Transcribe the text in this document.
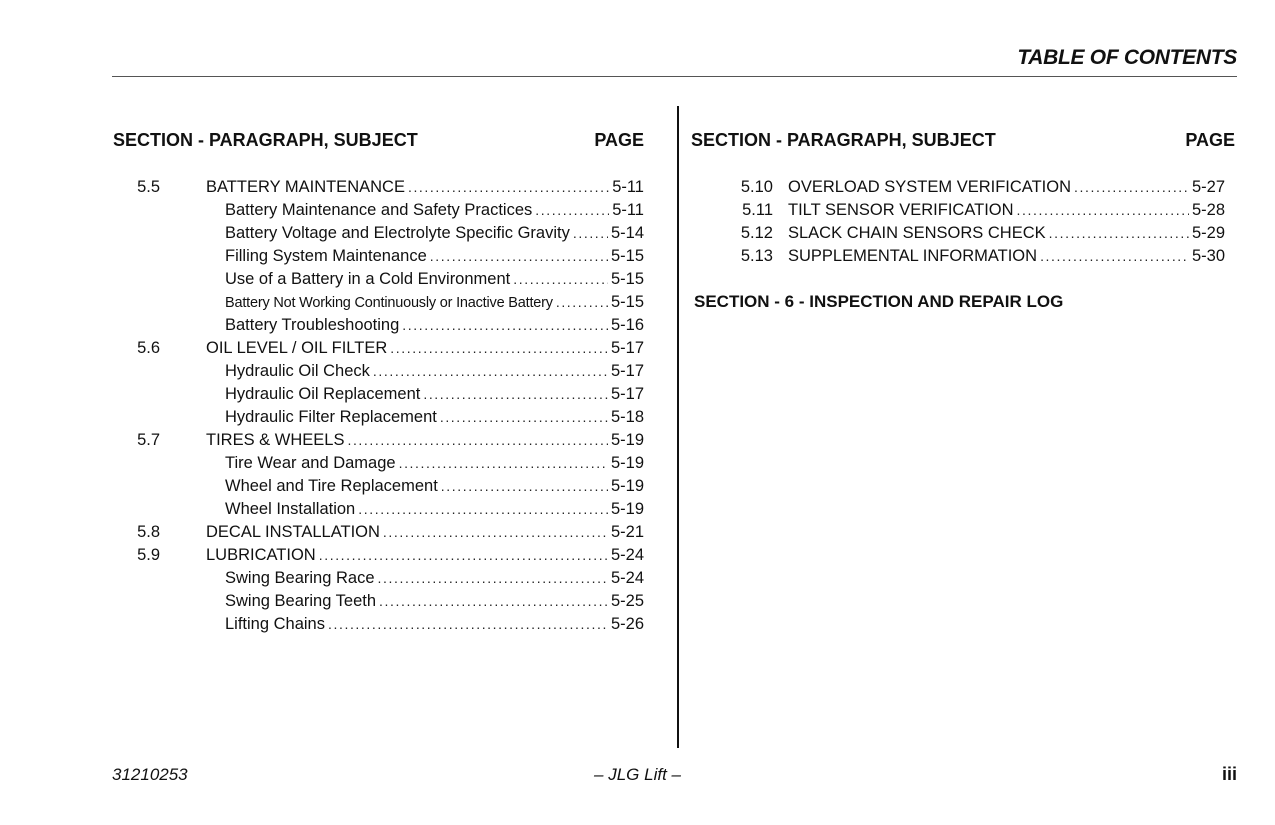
TABLE OF CONTENTS
SECTION - PARAGRAPH, SUBJECT	PAGE	SECTION - PARAGRAPH, SUBJECT	PAGE
5.5	BATTERY MAINTENANCE .....	5-11
Battery Maintenance and Safety Practices .....	5-11
Battery Voltage and Electrolyte Specific Gravity ..... 5-14
Filling System Maintenance .....	5-15
Use of a Battery in a Cold Environment .....	5-15
Battery Not Working Continuously or Inactive Battery .....	5-15
Battery Troubleshooting .....	5-16
5.6	OIL LEVEL / OIL FILTER .....	5-17
Hydraulic Oil Check .....	5-17
Hydraulic Oil Replacement .....	5-17
Hydraulic Filter Replacement .....	5-18
5.7	TIRES & WHEELS .....	5-19
Tire Wear and Damage .....	5-19
Wheel and Tire Replacement .....	5-19
Wheel Installation .....	5-19
5.8	DECAL INSTALLATION .....	5-21
5.9	LUBRICATION .....	5-24
Swing Bearing Race .....	5-24
Swing Bearing Teeth .....	5-25
Lifting Chains .....	5-26
5.10 OVERLOAD SYSTEM VERIFICATION .....	5-27
5.11 TILT SENSOR VERIFICATION .....	5-28
5.12 SLACK CHAIN SENSORS CHECK .....	5-29
5.13 SUPPLEMENTAL INFORMATION .....	5-30
SECTION - 6 - INSPECTION AND REPAIR LOG
31210253	– JLG Lift –	iii
